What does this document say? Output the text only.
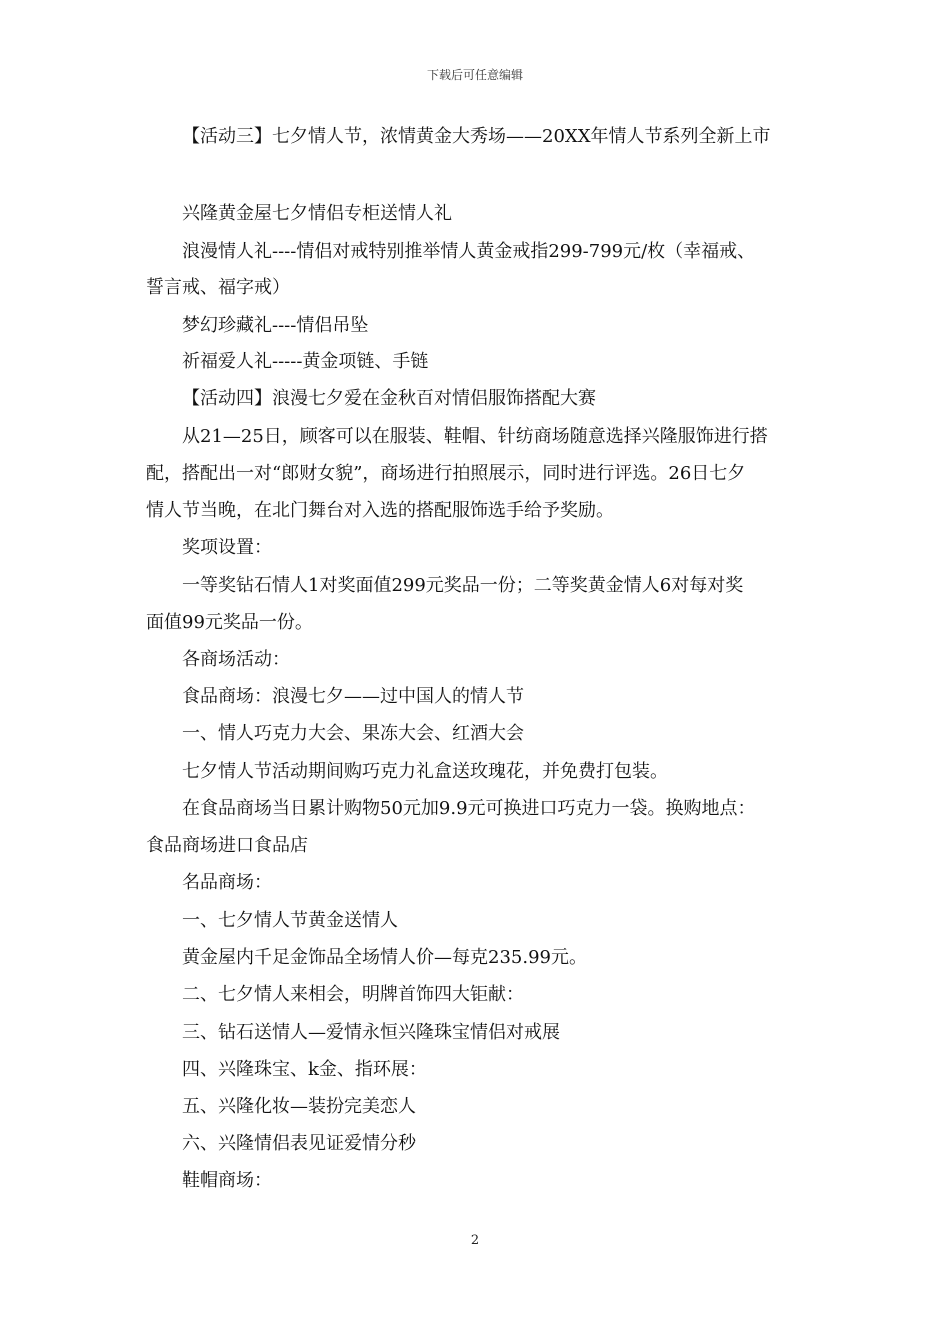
下载后可任意编辑
【活动三】七夕情人节，浓情黄金大秀场——20XX年情人节系列全新上市
兴隆黄金屋七夕情侣专柜送情人礼
浪漫情人礼----情侣对戒特别推举情人黄金戒指299-799元/枚（幸福戒、
誓言戒、福字戒）
梦幻珍藏礼----情侣吊坠
祈福爱人礼-----黄金项链、手链
【活动四】浪漫七夕爱在金秋百对情侣服饰搭配大赛
从21—25日，顾客可以在服装、鞋帽、针纺商场随意选择兴隆服饰进行搭
配，搭配出一对“郎财女貌”，商场进行拍照展示，同时进行评选。26日七夕
情人节当晚，在北门舞台对入选的搭配服饰选手给予奖励。
奖项设置：
一等奖钻石情人1对奖面值299元奖品一份；二等奖黄金情人6对每对奖
面值99元奖品一份。
各商场活动：
食品商场：浪漫七夕——过中国人的情人节
一、情人巧克力大会、果冻大会、红酒大会
七夕情人节活动期间购巧克力礼盒送玫瑰花，并免费打包装。
在食品商场当日累计购物50元加9.9元可换进口巧克力一袋。换购地点：
食品商场进口食品店
名品商场：
一、七夕情人节黄金送情人
黄金屋内千足金饰品全场情人价—每克235.99元。
二、七夕情人来相会，明牌首饰四大钜献：
三、钻石送情人—爱情永恒兴隆珠宝情侣对戒展
四、兴隆珠宝、k金、指环展：
五、兴隆化妆—装扮完美恋人
六、兴隆情侣表见证爱情分秒
鞋帽商场：
2
